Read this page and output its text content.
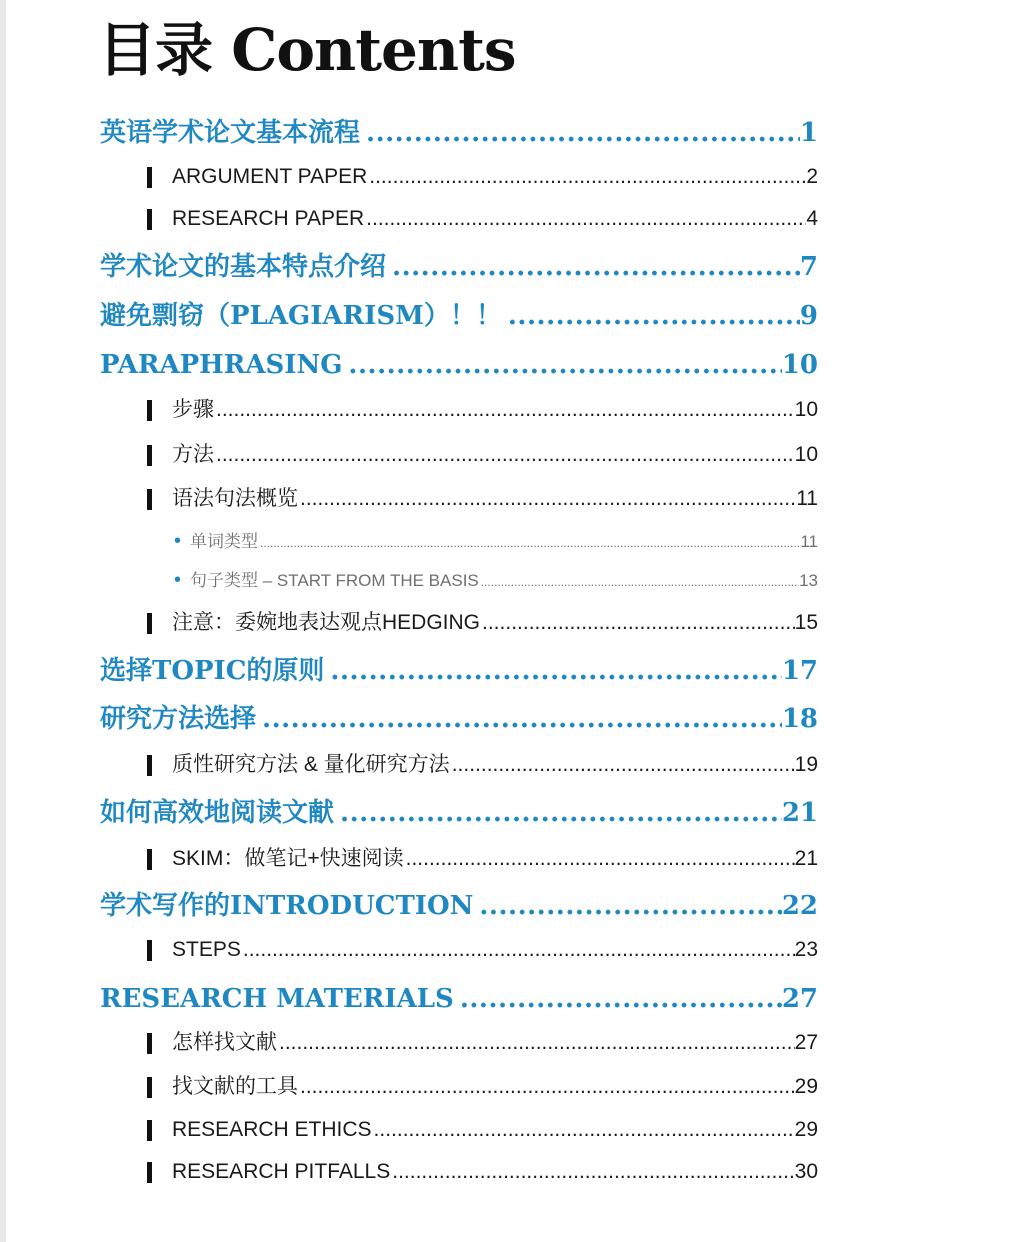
目录 Contents
英语学术论文基本流程 .....	1
ARGUMENT PAPER .....	2
RESEARCH PAPER .....	4
学术论文的基本特点介绍 .....	7
避免剽窃（PLAGIARISM）！！ .....	9
PARAPHRASING .....	10
步骤 .....	10
方法 .....	10
语法句法概览 .....	11
• 单词类型 .....	11
• 句子类型 – START FROM THE BASIS .....	13
注意：委婉地表达观点HEDGING .....	15
选择TOPIC的原则 .....	17
研究方法选择 .....	18
质性研究方法 & 量化研究方法 .....	19
如何高效地阅读文献 .....	21
SKIM：做笔记+快速阅读 .....	21
学术写作的INTRODUCTION .....	22
STEPS .....	23
RESEARCH MATERIALS .....	27
怎样找文献 .....	27
找文献的工具 .....	29
RESEARCH ETHICS .....	29
RESEARCH PITFALLS .....	30
